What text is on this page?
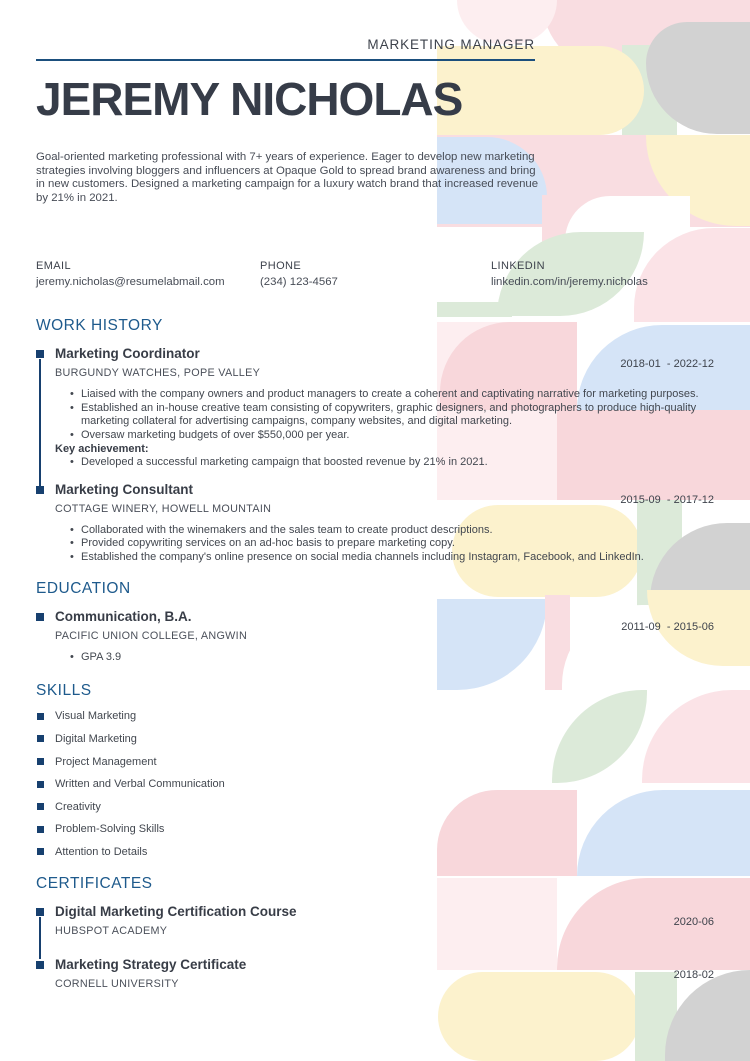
MARKETING MANAGER
JEREMY NICHOLAS

Goal-oriented marketing professional with 7+ years of experience. Eager to develop new marketing strategies involving bloggers and influencers at Opaque Gold to spread brand awareness and bring in new customers. Designed a marketing campaign for a luxury watch brand that increased revenue by 21% in 2021.

EMAIL
jeremy.nicholas@resumelabmail.com
PHONE
(234) 123-4567
LINKEDIN
linkedin.com/in/jeremy.nicholas
WORK HISTORY
Marketing Coordinator
2018-01  - 2022-12
BURGUNDY WATCHES, POPE VALLEY
• Liaised with the company owners and product managers to create a coherent and captivating narrative for marketing purposes.
• Established an in-house creative team consisting of copywriters, graphic designers, and photographers to produce high-quality marketing collateral for advertising campaigns, company websites, and digital marketing.
• Oversaw marketing budgets of over $550,000 per year.
Key achievement:
• Developed a successful marketing campaign that boosted revenue by 21% in 2021.
Marketing Consultant
2015-09  - 2017-12
COTTAGE WINERY, HOWELL MOUNTAIN
• Collaborated with the winemakers and the sales team to create product descriptions.
• Provided copywriting services on an ad-hoc basis to prepare marketing copy.
• Established the company's online presence on social media channels including Instagram, Facebook, and LinkedIn.
EDUCATION
Communication, B.A.
2011-09  - 2015-06
PACIFIC UNION COLLEGE, ANGWIN
• GPA 3.9
SKILLS
Visual Marketing
Digital Marketing
Project Management
Written and Verbal Communication
Creativity
Problem-Solving Skills
Attention to Details
CERTIFICATES
Digital Marketing Certification Course
2020-06
HUBSPOT ACADEMY
Marketing Strategy Certificate
2018-02
CORNELL UNIVERSITY
